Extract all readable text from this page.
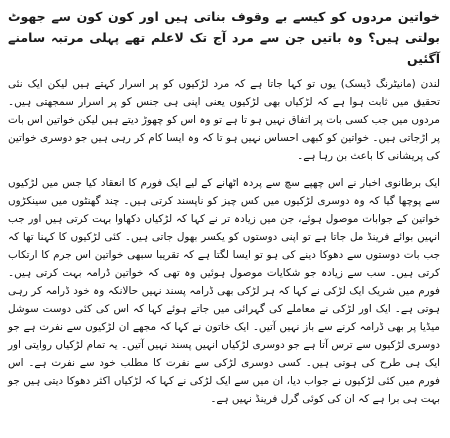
خواتین مردوں کو کیسے بے وقوف بناتی ہیں اور کون کون سے جھوٹ بولتی ہیں؟ وہ باتیں جن سے مرد آج تک لاعلم تھے پہلی مرتبہ سامنے آگئیں

لندن (مانیٹرنگ ڈیسک) یوں تو کہا جاتا ہے کہ مرد لڑکیوں کو پر اسرار کہتے ہیں لیکن ایک نئی تحقیق میں ثابت ہوا ہے کہ لڑکیاں بھی لڑکیوں یعنی اپنی ہی جنس کو پر اسرار سمجھتی ہیں۔ مردوں میں جب کسی بات پر اتفاق نہیں ہو تا ہے تو وہ اس کو چھوڑ دیتے ہیں لیکن خواتین اس بات پر اڑجاتی ہیں۔ خواتین کو کبھی احساس نہیں ہو تا کہ وہ ایسا کام کر رہی ہیں جو دوسری خواتین کی پریشانی کا باعث بن رہا ہے۔

ایک برطانوی اخبار نے اس چھپے سچ سے پردہ اٹھانے کے لیے ایک فورم کا انعقاد کیا جس میں لڑکیوں سے پوچھا گیا کہ وہ دوسری لڑکیوں میں کس چیز کو ناپسند کرتی ہیں۔ چند گھنٹوں میں سینکڑوں خواتین کے جوابات موصول ہوئے، جن میں زیادہ تر نے کہا کہ لڑکیاں دکھاوا بہت کرتی ہیں اور جب انہیں بوائے فرینڈ مل جاتا ہے تو اپنی دوستوں کو یکسر بھول جاتی ہیں۔ کئی لڑکیوں کا کہنا تھا کہ جب بات دوستوں سے دھوکا دینے کی ہو تو ایسا لگتا ہے کہ تقریبا سبھی خواتین اس جرم کا ارتکاب کرتی ہیں۔ سب سے زیادہ جو شکایات موصول ہوئیں وہ تھی کہ خواتین ڈرامہ بہت کرتی ہیں۔ فورم میں شریک ایک لڑکی نے کہا کہ ہر لڑکی بھی ڈرامہ پسند نہیں حالانکہ وہ خود ڈرامہ کر رہی ہوتی ہے۔ ایک اور لڑکی نے معاملے کی گہرائی میں جاتے ہوئے کہا کہ اس کی کئی دوست سوشل میڈیا پر بھی ڈرامہ کرنے سے باز نہیں آتیں۔ ایک خاتون نے کہا کہ مجھے ان لڑکیوں سے نفرت ہے جو دوسری لڑکیوں سے ترس آتا ہے جو دوسری لڑکیاں انہیں پسند نہیں آتیں۔ یہ تمام لڑکیاں روایتی اور ایک ہی طرح کی ہوتی ہیں۔ کسی دوسری لڑکی سے نفرت کا مطلب خود سے نفرت ہے۔ اس فورم میں کئی لڑکیوں نے جواب دیا، ان میں سے ایک لڑکی نے کہا کہ لڑکیاں اکثر دھوکا دیتی ہیں جو بہت ہی برا ہے کہ ان کی کوئی گرل فرینڈ نہیں ہے۔
